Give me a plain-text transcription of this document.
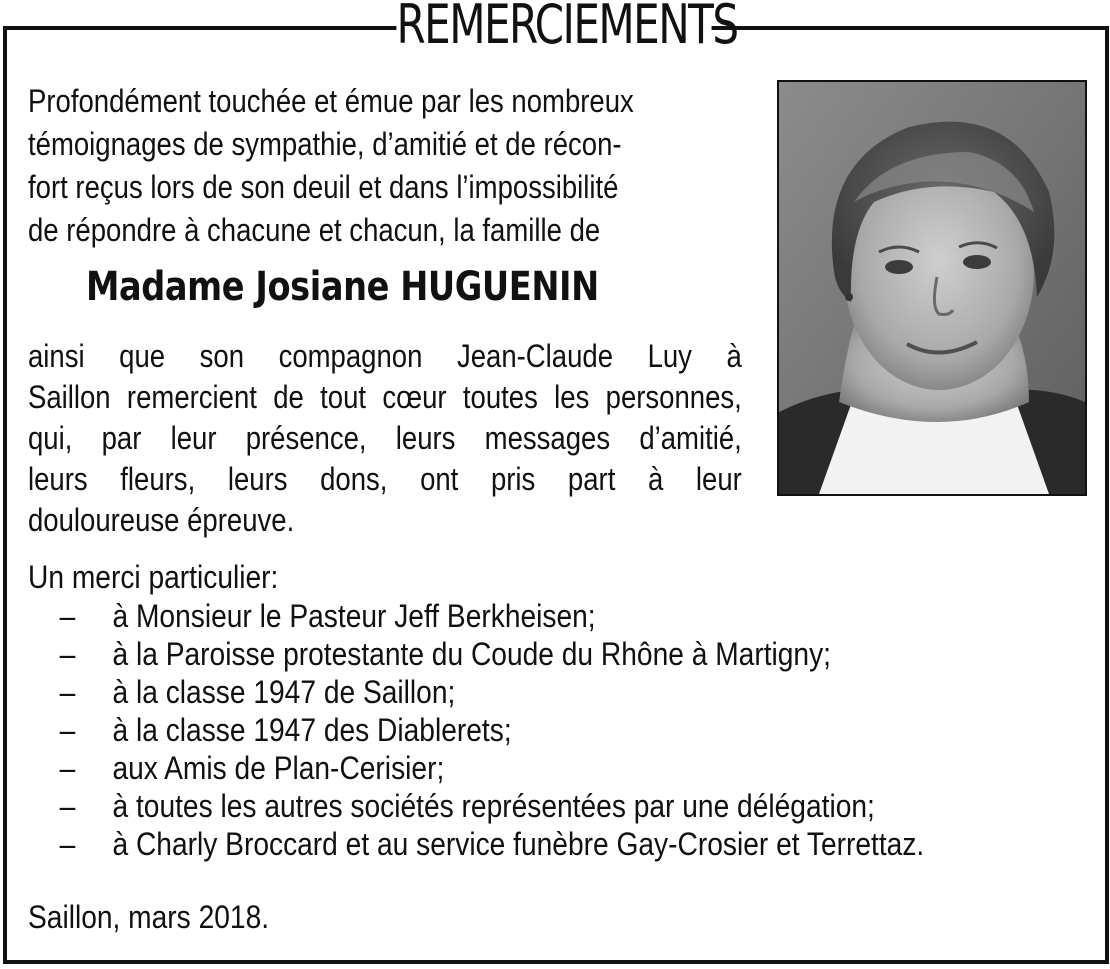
REMERCIEMENTS
Profondément touchée et émue par les nombreux
témoignages de sympathie, d’amitié et de récon-
fort reçus lors de son deuil et dans l’impossibilité
de répondre à chacune et chacun, la famille de
Madame Josiane HUGUENIN
ainsi que son compagnon Jean-Claude Luy à
Saillon remercient de tout cœur toutes les personnes,
qui, par leur présence, leurs messages d’amitié,
leurs fleurs, leurs dons, ont pris part à leur
douloureuse épreuve.
Un merci particulier:
– à Monsieur le Pasteur Jeff Berkheisen;
– à la Paroisse protestante du Coude du Rhône à Martigny;
– à la classe 1947 de Saillon;
– à la classe 1947 des Diablerets;
– aux Amis de Plan-Cerisier;
– à toutes les autres sociétés représentées par une délégation;
– à Charly Broccard et au service funèbre Gay-Crosier et Terrettaz.
Saillon, mars 2018.
